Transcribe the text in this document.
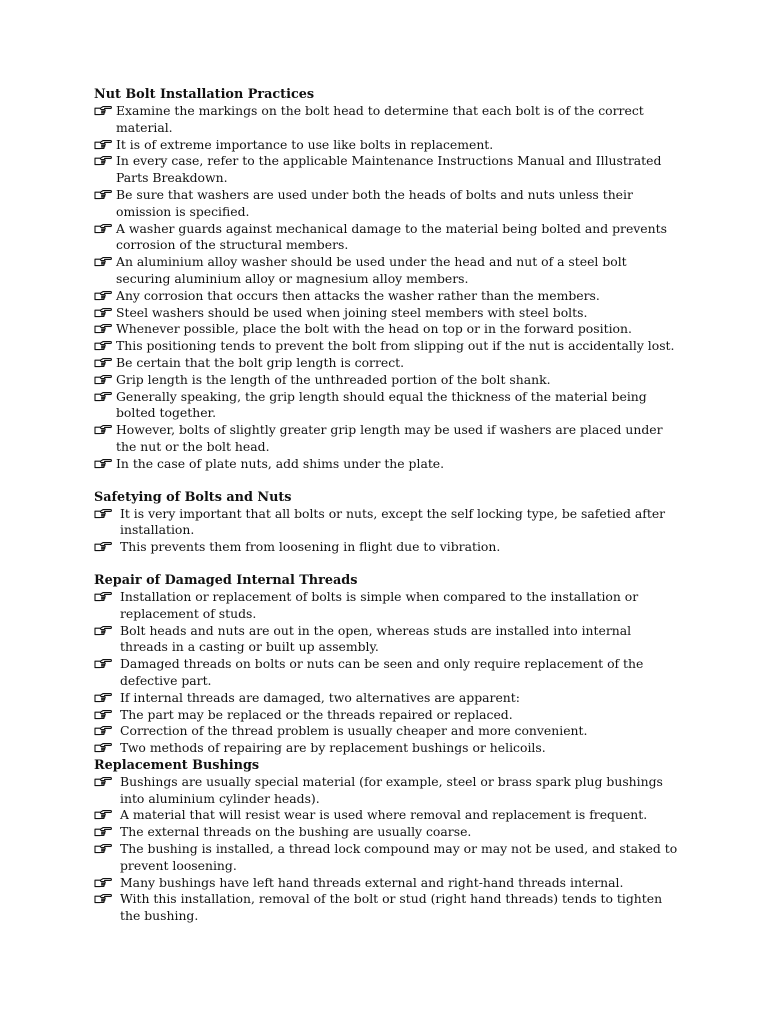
Nut Bolt Installation Practices
Examine the markings on the bolt head to determine that each bolt is of the correct material.
It is of extreme importance to use like bolts in replacement.
In every case, refer to the applicable Maintenance Instructions Manual and Illustrated Parts Breakdown.
Be sure that washers are used under both the heads of bolts and nuts unless their omission is specified.
A washer guards against mechanical damage to the material being bolted and prevents corrosion of the structural members.
An aluminium alloy washer should be used under the head and nut of a steel bolt securing aluminium alloy or magnesium alloy members.
Any corrosion that occurs then attacks the washer rather than the members.
Steel washers should be used when joining steel members with steel bolts.
Whenever possible, place the bolt with the head on top or in the forward position.
This positioning tends to prevent the bolt from slipping out if the nut is accidentally lost.
Be certain that the bolt grip length is correct.
Grip length is the length of the unthreaded portion of the bolt shank.
Generally speaking, the grip length should equal the thickness of the material being bolted together.
However, bolts of slightly greater grip length may be used if washers are placed under the nut or the bolt head.
In the case of plate nuts, add shims under the plate.
Safetying of Bolts and Nuts
It is very important that all bolts or nuts, except the self locking type, be safetied after installation.
This prevents them from loosening in flight due to vibration.
Repair of Damaged Internal Threads
Installation or replacement of bolts is simple when compared to the installation or replacement of studs.
Bolt heads and nuts are out in the open, whereas studs are installed into internal threads in a casting or built up assembly.
Damaged threads on bolts or nuts can be seen and only require replacement of the defective part.
If internal threads are damaged, two alternatives are apparent:
The part may be replaced or the threads repaired or replaced.
Correction of the thread problem is usually cheaper and more convenient.
Two methods of repairing are by replacement bushings or helicoils.
Replacement Bushings
Bushings are usually special material (for example, steel or brass spark plug bushings into aluminium cylinder heads).
A material that will resist wear is used where removal and replacement is frequent.
The external threads on the bushing are usually coarse.
The bushing is installed, a thread lock compound may or may not be used, and staked to prevent loosening.
Many bushings have left hand threads external and right-hand threads internal.
With this installation, removal of the bolt or stud (right hand threads) tends to tighten the bushing.
